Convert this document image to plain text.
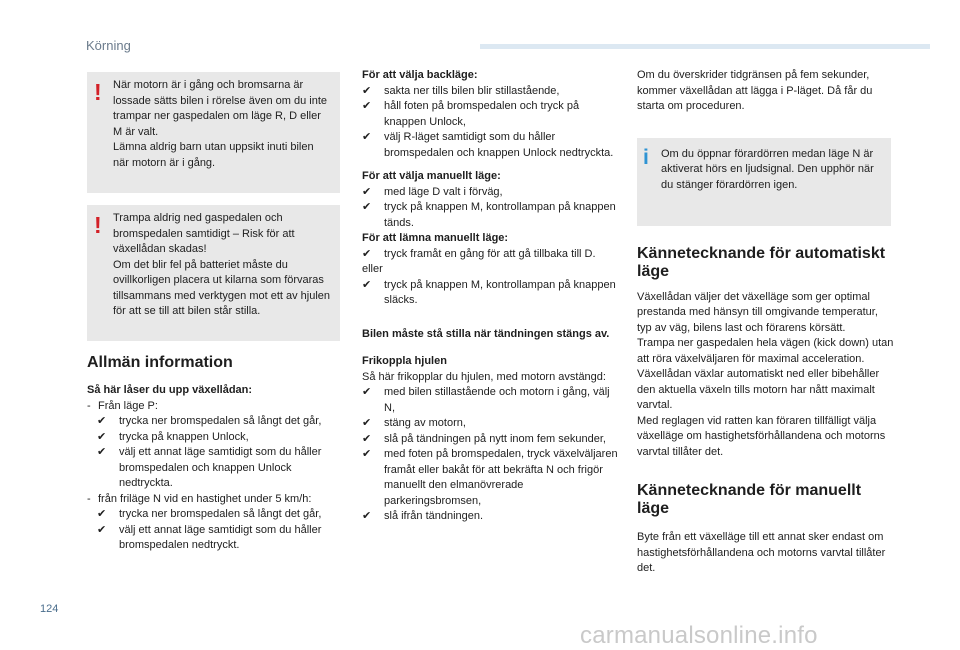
Körning
! När motorn är i gång och bromsarna är lossade sätts bilen i rörelse även om du inte trampar ner gaspedalen om läge R, D eller M är valt.
Lämna aldrig barn utan uppsikt inuti bilen när motorn är i gång.

! Trampa aldrig ned gaspedalen och bromspedalen samtidigt – Risk för att växellådan skadas!
Om det blir fel på batteriet måste du ovillkorligen placera ut kilarna som förvaras tillsammans med verktygen mot ett av hjulen för att se till att bilen står stilla.

Allmän information

Så här låser du upp växellådan:

- Från läge P:
✔ trycka ner bromspedalen så långt det går,
✔ trycka på knappen Unlock,
✔ välj ett annat läge samtidigt som du håller bromspedalen och knappen Unlock nedtryckta.
- från friläge N vid en hastighet under 5 km/h:
✔ trycka ner bromspedalen så långt det går,
✔ välj ett annat läge samtidigt som du håller bromspedalen nedtryckt.

För att välja backläge:

✔ sakta ner tills bilen blir stillastående,
✔ håll foten på bromspedalen och tryck på knappen Unlock,
✔ välj R-läget samtidigt som du håller bromspedalen och knappen Unlock nedtryckta.

För att välja manuellt läge:

✔ med läge D valt i förväg,
✔ tryck på knappen M, kontrollampan på knappen tänds.

För att lämna manuellt läge:

✔ tryck framåt en gång för att gå tillbaka till D.

eller

✔ tryck på knappen M, kontrollampan på knappen släcks.

Bilen måste stå stilla när tändningen stängs av.

Frikoppla hjulen

Så här frikopplar du hjulen, med motorn avstängd:

✔ med bilen stillastående och motorn i gång, välj N,
✔ stäng av motorn,
✔ slå på tändningen på nytt inom fem sekunder,
✔ med foten på bromspedalen, tryck växelväljaren framåt eller bakåt för att bekräfta N och frigör manuellt den elmanövrerade parkeringsbromsen,
✔ slå ifrån tändningen.

Om du överskrider tidgränsen på fem sekunder, kommer växellådan att lägga i P-läget. Då får du starta om proceduren.

i Om du öppnar förardörren medan läge N är aktiverat hörs en ljudsignal. Den upphör när du stänger förardörren igen.

Kännetecknande för automatiskt läge

Växellådan väljer det växelläge som ger optimal prestanda med hänsyn till omgivande temperatur, typ av väg, bilens last och förarens körsätt.
Trampa ner gaspedalen hela vägen (kick down) utan att röra växelväljaren för maximal acceleration. Växellådan växlar automatiskt ned eller bibehåller den aktuella växeln tills motorn har nått maximalt varvtal.
Med reglagen vid ratten kan föraren tillfälligt välja växelläge om hastighetsförhållandena och motorns varvtal tillåter det.

Kännetecknande för manuellt läge

Byte från ett växelläge till ett annat sker endast om hastighetsförhållandena och motorns varvtal tillåter det.

124
carmanualsonline.info
